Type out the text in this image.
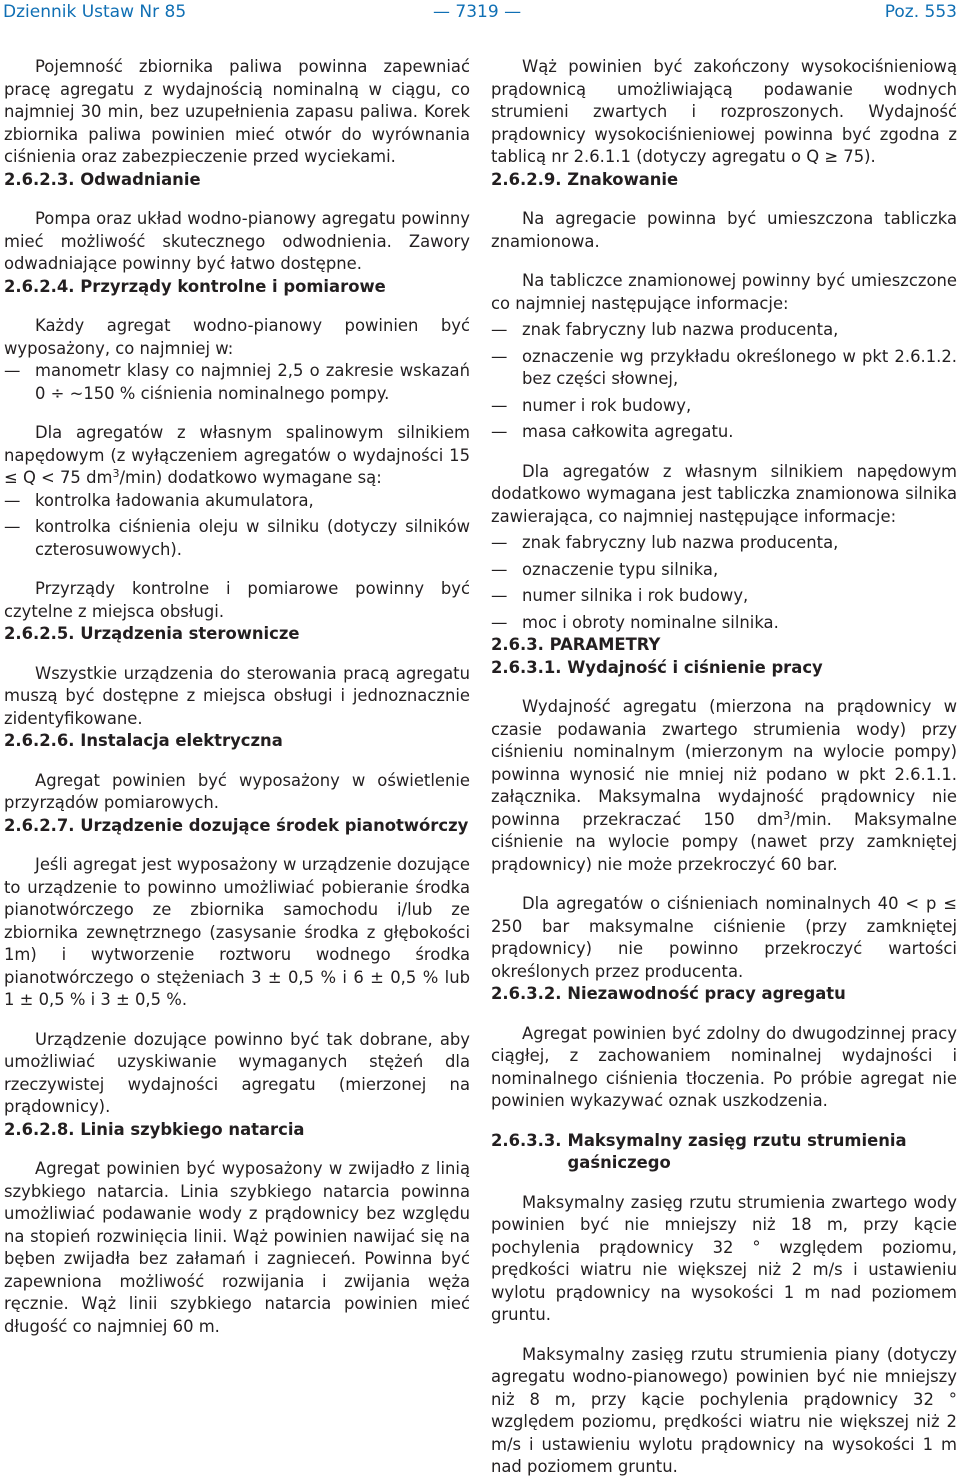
Dziennik Ustaw Nr 85	— 7319 —	Poz. 553

Pojemność zbiornika paliwa powinna zapewniać pracę agregatu z wydajnością nominalną w ciągu, co najmniej 30 min, bez uzupełnienia zapasu paliwa. Korek zbiornika paliwa powinien mieć otwór do wyrównania ciśnienia oraz zabezpieczenie przed wyciekami.

2.6.2.3. Odwadnianie

Pompa oraz układ wodno-pianowy agregatu powinny mieć możliwość skutecznego odwodnienia. Zawory odwadniające powinny być łatwo dostępne.

2.6.2.4. Przyrządy kontrolne i pomiarowe

Każdy agregat wodno-pianowy powinien być wyposażony, co najmniej w:

— manometr klasy co najmniej 2,5 o zakresie wskazań 0 ÷ ~150 % ciśnienia nominalnego pompy.

Dla agregatów z własnym spalinowym silnikiem napędowym (z wyłączeniem agregatów o wydajności 15 ≤ Q < 75 $dm^3/\min$) dodatkowo wymagane są:

— kontrolka ładowania akumulatora,
— kontrolka ciśnienia oleju w silniku (dotyczy silników czterosuwowych).

Przyrządy kontrolne i pomiarowe powinny być czytelne z miejsca obsługi.

2.6.2.5. Urządzenia sterownicze

Wszystkie urządzenia do sterowania pracą agregatu muszą być dostępne z miejsca obsługi i jednoznacznie zidentyfikowane.

2.6.2.6. Instalacja elektryczna

Agregat powinien być wyposażony w oświetlenie przyrządów pomiarowych.

2.6.2.7. Urządzenie dozujące środek pianotwórczy

Jeśli agregat jest wyposażony w urządzenie dozujące to urządzenie to powinno umożliwiać pobieranie środka pianotwórczego ze zbiornika samochodu i/lub ze zbiornika zewnętrznego (zasysanie środka z głębokości 1m) i wytworzenie roztworu wodnego środka pianotwórczego o stężeniach 3 ± 0,5 % i 6 ± 0,5 % lub 1 ± 0,5 % i 3 ± 0,5 %.

Urządzenie dozujące powinno być tak dobrane, aby umożliwiać uzyskiwanie wymaganych stężeń dla rzeczywistej wydajności agregatu (mierzonej na prądownicy).

2.6.2.8. Linia szybkiego natarcia

Agregat powinien być wyposażony w zwijadło z linią szybkiego natarcia. Linia szybkiego natarcia powinna umożliwiać podawanie wody z prądownicy bez względu na stopień rozwinięcia linii. Wąż powinien nawijać się na bęben zwijadła bez załamań i zagnieceń. Powinna być zapewniona możliwość rozwijania i zwijania węża ręcznie. Wąż linii szybkiego natarcia powinien mieć długość co najmniej 60 m.

Wąż powinien być zakończony wysokociśnieniową prądownicą umożliwiającą podawanie wodnych strumieni zwartych i rozproszonych. Wydajność prądownicy wysokociśnieniowej powinna być zgodna z tablicą nr 2.6.1.1 (dotyczy agregatu o Q ≥ 75).

2.6.2.9. Znakowanie

Na agregacie powinna być umieszczona tabliczka znamionowa.

Na tabliczce znamionowej powinny być umieszczone co najmniej następujące informacje:

— znak fabryczny lub nazwa producenta,
— oznaczenie wg przykładu określonego w pkt 2.6.1.2. bez części słownej,
— numer i rok budowy,
— masa całkowita agregatu.

Dla agregatów z własnym silnikiem napędowym dodatkowo wymagana jest tabliczka znamionowa silnika zawierająca, co najmniej następujące informacje:

— znak fabryczny lub nazwa producenta,
— oznaczenie typu silnika,
— numer silnika i rok budowy,
— moc i obroty nominalne silnika.

2.6.3. PARAMETRY

2.6.3.1. Wydajność i ciśnienie pracy

Wydajność agregatu (mierzona na prądownicy w czasie podawania zwartego strumienia wody) przy ciśnieniu nominalnym (mierzonym na wylocie pompy) powinna wynosić nie mniej niż podano w pkt 2.6.1.1. załącznika. Maksymalna wydajność prądownicy nie powinna przekraczać 150 $dm^3/\min$. Maksymalne ciśnienie na wylocie pompy (nawet przy zamkniętej prądownicy) nie może przekroczyć 60 bar.

Dla agregatów o ciśnieniach nominalnych 40 < p ≤ 250 bar maksymalne ciśnienie (przy zamkniętej prądownicy) nie powinno przekroczyć wartości określonych przez producenta.

2.6.3.2. Niezawodność pracy agregatu

Agregat powinien być zdolny do dwugodzinnej pracy ciągłej, z zachowaniem nominalnej wydajności i nominalnego ciśnienia tłoczenia. Po próbie agregat nie powinien wykazywać oznak uszkodzenia.

2.6.3.3. Maksymalny zasięg rzutu strumienia gaśniczego

Maksymalny zasięg rzutu strumienia zwartego wody powinien być nie mniejszy niż 18 m, przy kącie pochylenia prądownicy 32 ° względem poziomu, prędkości wiatru nie większej niż 2 m/s i ustawieniu wylotu prądownicy na wysokości 1 m nad poziomem gruntu.

Maksymalny zasięg rzutu strumienia piany (dotyczy agregatu wodno-pianowego) powinien być nie mniejszy niż 8 m, przy kącie pochylenia prądownicy 32 ° względem poziomu, prędkości wiatru nie większej niż 2 m/s i ustawieniu wylotu prądownicy na wysokości 1 m nad poziomem gruntu.
